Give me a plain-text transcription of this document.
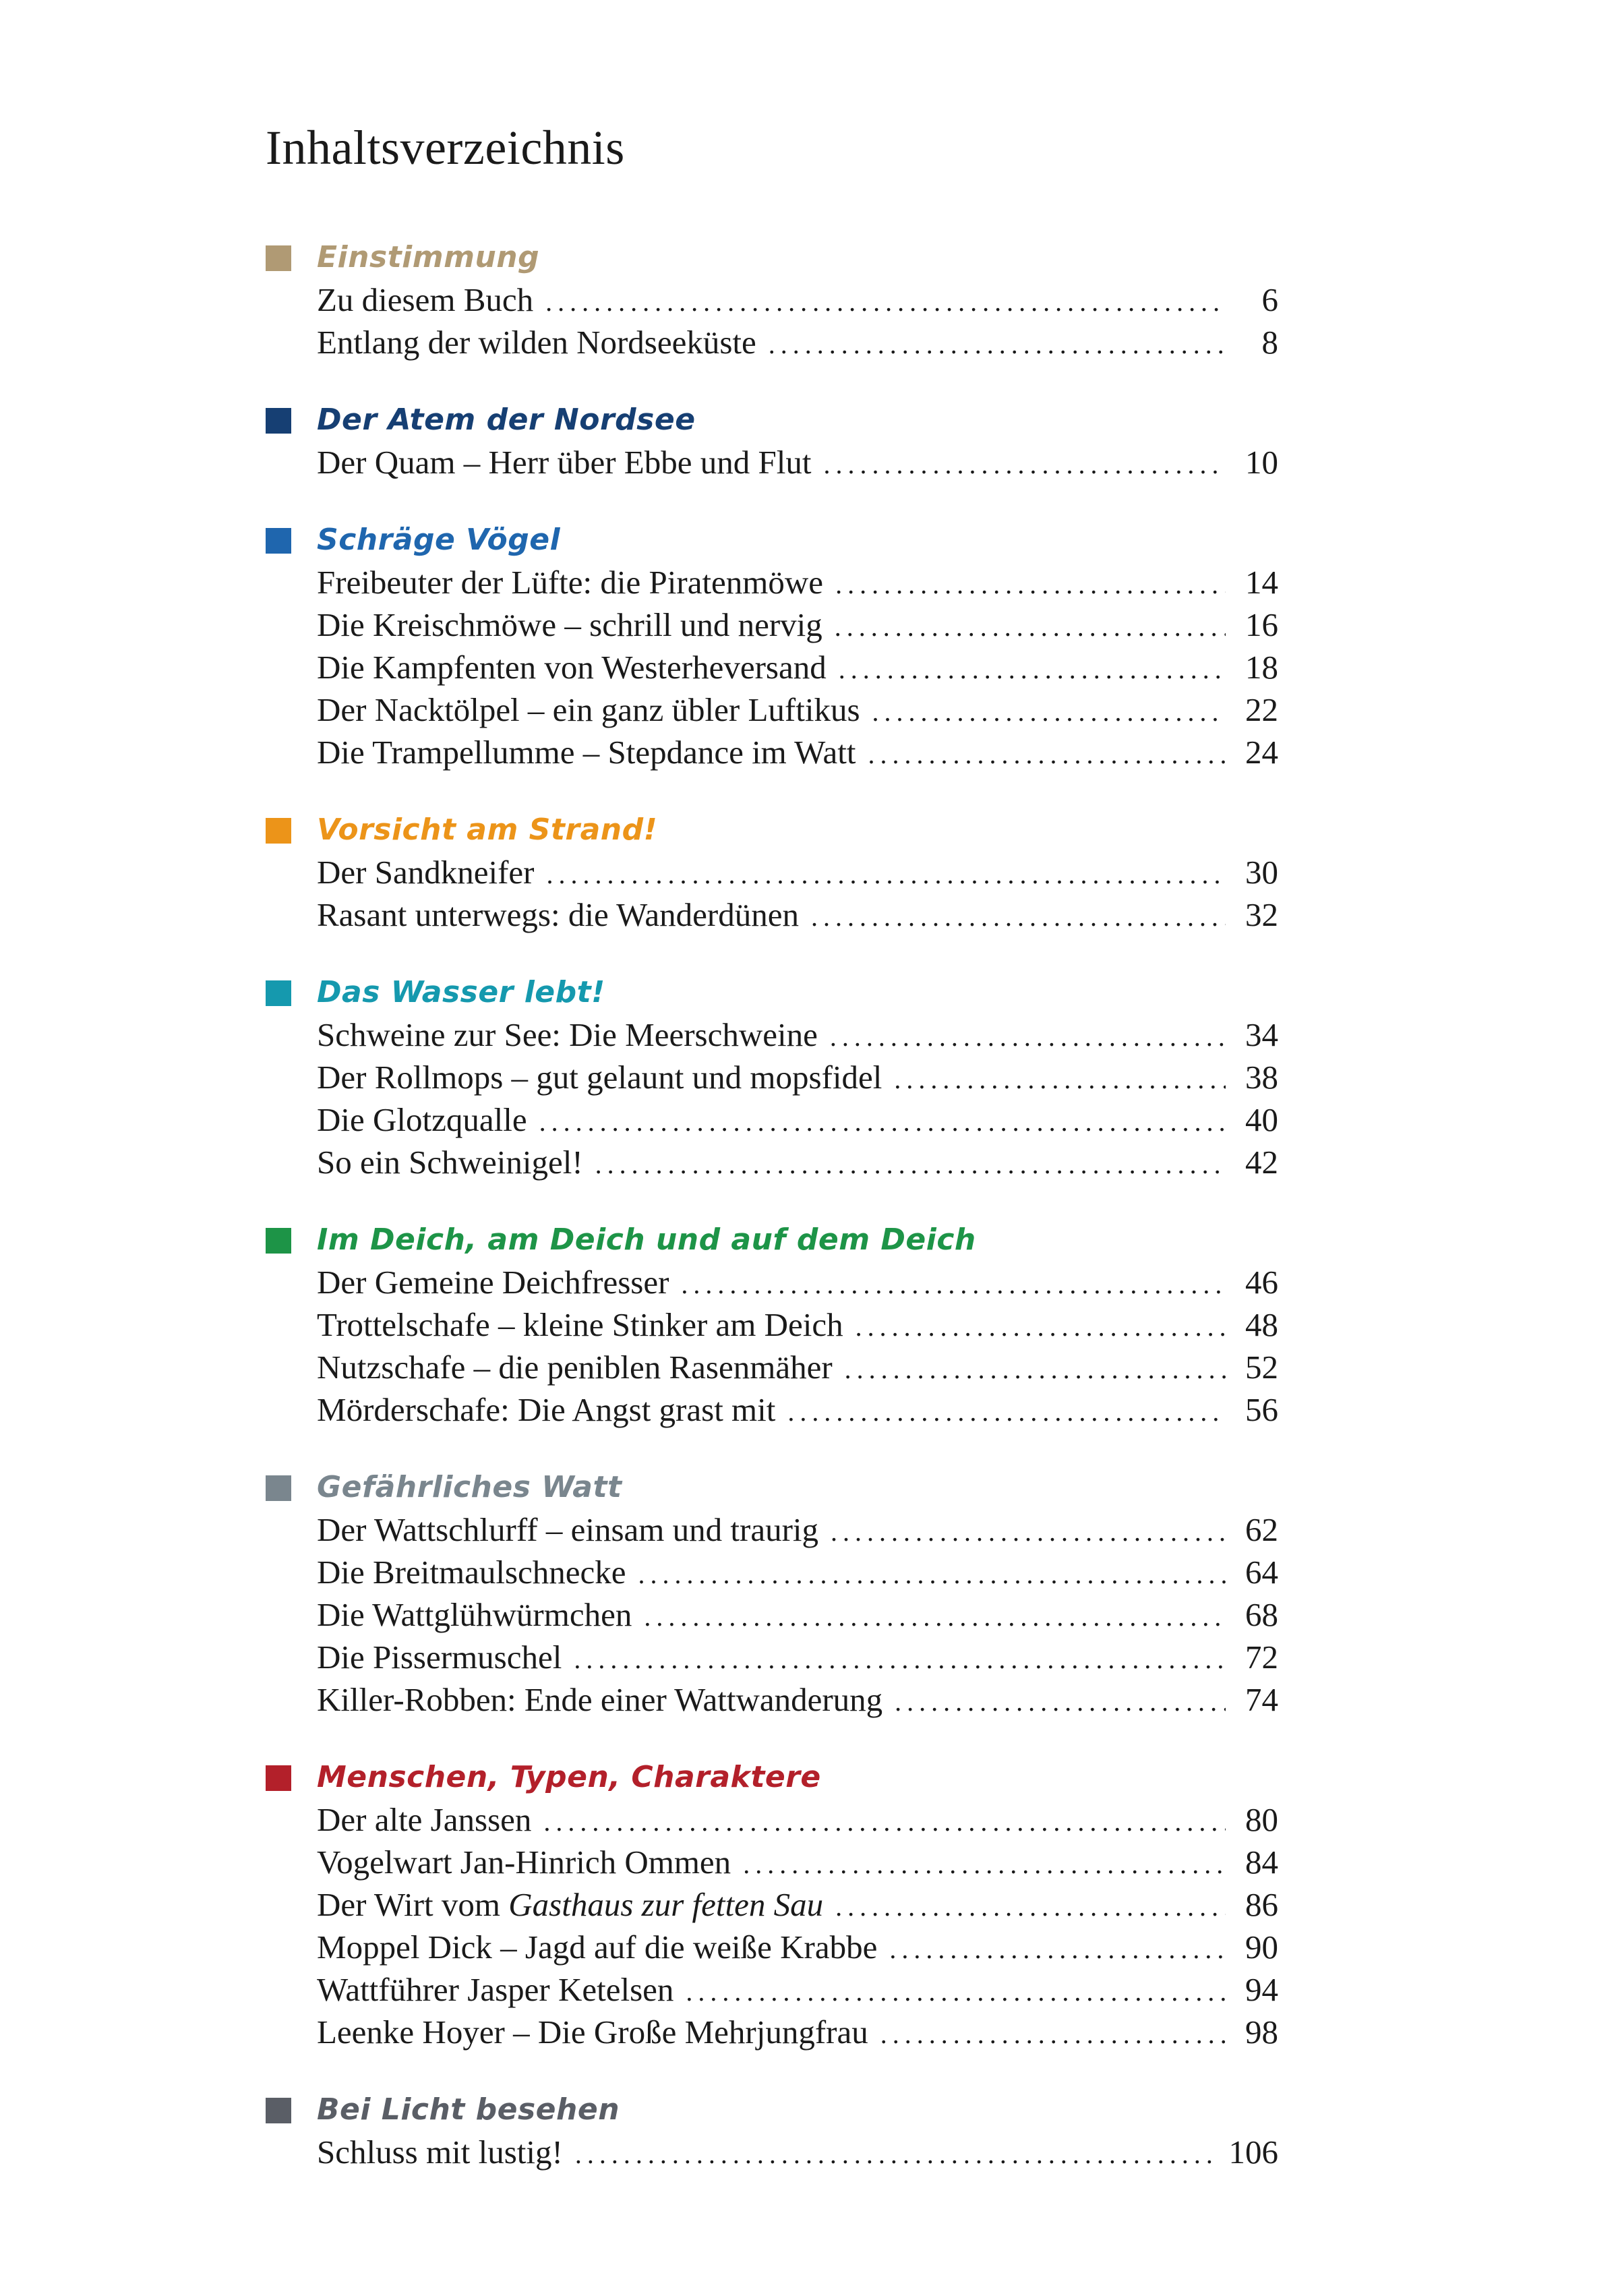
Inhaltsverzeichnis
Einstimmung
Zu diesem Buch . . .	6
Entlang der wilden Nordseeküste . . .	8
Der Atem der Nordsee
Der Quam – Herr über Ebbe und Flut . . .	10
Schräge Vögel
Freibeuter der Lüfte: die Piratenmöwe . . .	14
Die Kreischmöwe – schrill und nervig . . .	16
Die Kampfenten von Westerheversand . . .	18
Der Nacktölpel – ein ganz übler Luftikus . . .	22
Die Trampellumme – Stepdance im Watt . . .	24
Vorsicht am Strand!
Der Sandkneifer . . .	30
Rasant unterwegs: die Wanderdünen . . .	32
Das Wasser lebt!
Schweine zur See: Die Meerschweine . . .	34
Der Rollmops – gut gelaunt und mopsfidel . . .	38
Die Glotzqualle . . .	40
So ein Schweinigel! . . .	42
Im Deich, am Deich und auf dem Deich
Der Gemeine Deichfresser . . .	46
Trottelschafe – kleine Stinker am Deich . . .	48
Nutzschafe – die peniblen Rasenmäher . . .	52
Mörderschafe: Die Angst grast mit . . .	56
Gefährliches Watt
Der Wattschlurff – einsam und traurig . . .	62
Die Breitmaulschnecke . . .	64
Die Wattglühwürmchen . . .	68
Die Pissermuschel . . .	72
Killer-Robben: Ende einer Wattwanderung . . .	74
Menschen, Typen, Charaktere
Der alte Janssen . . .	80
Vogelwart Jan-Hinrich Ommen . . .	84
Der Wirt vom Gasthaus zur fetten Sau . . .	86
Moppel Dick – Jagd auf die weiße Krabbe . . .	90
Wattführer Jasper Ketelsen . . .	94
Leenke Hoyer – Die Große Mehrjungfrau . . .	98
Bei Licht besehen
Schluss mit lustig! . . .	106
